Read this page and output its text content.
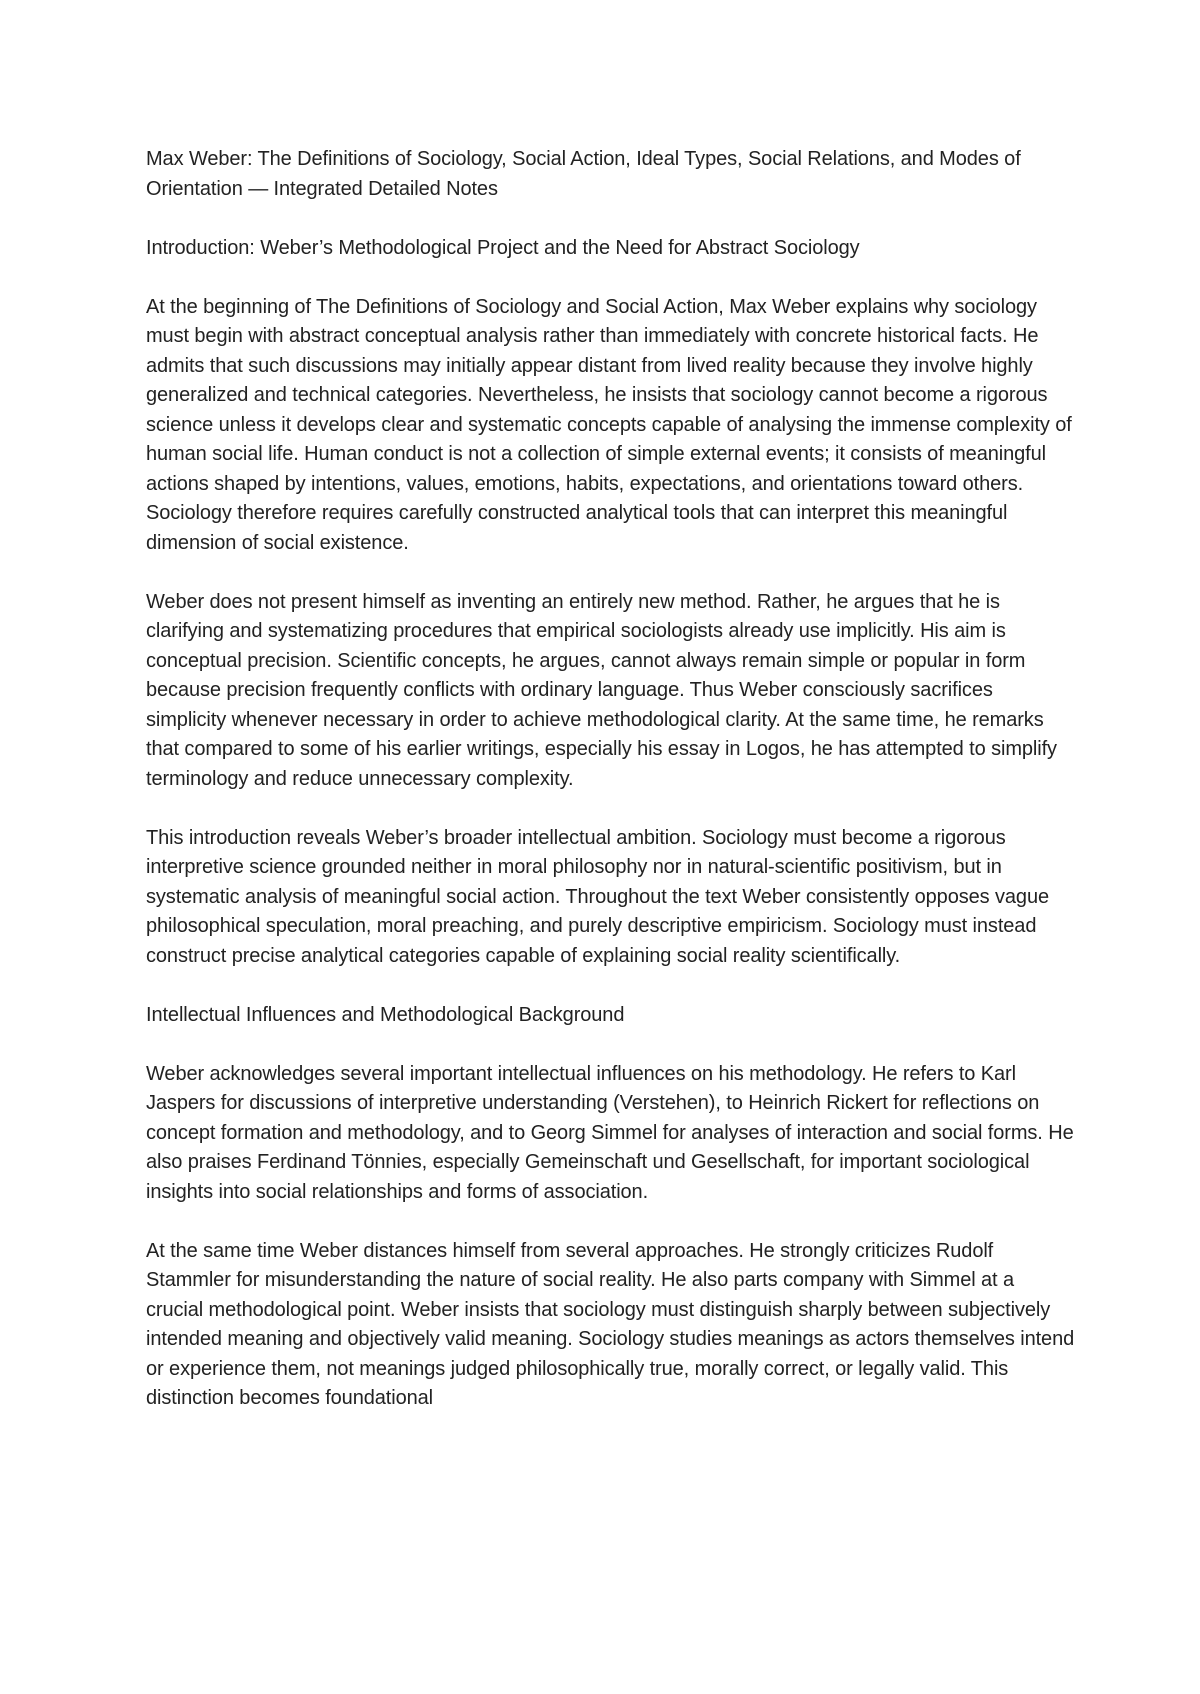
Max Weber: The Definitions of Sociology, Social Action, Ideal Types, Social Relations, and Modes of Orientation — Integrated Detailed Notes

Introduction: Weber’s Methodological Project and the Need for Abstract Sociology

At the beginning of The Definitions of Sociology and Social Action, Max Weber explains why sociology must begin with abstract conceptual analysis rather than immediately with concrete historical facts. He admits that such discussions may initially appear distant from lived reality because they involve highly generalized and technical categories. Nevertheless, he insists that sociology cannot become a rigorous science unless it develops clear and systematic concepts capable of analysing the immense complexity of human social life. Human conduct is not a collection of simple external events; it consists of meaningful actions shaped by intentions, values, emotions, habits, expectations, and orientations toward others. Sociology therefore requires carefully constructed analytical tools that can interpret this meaningful dimension of social existence.

Weber does not present himself as inventing an entirely new method. Rather, he argues that he is clarifying and systematizing procedures that empirical sociologists already use implicitly. His aim is conceptual precision. Scientific concepts, he argues, cannot always remain simple or popular in form because precision frequently conflicts with ordinary language. Thus Weber consciously sacrifices simplicity whenever necessary in order to achieve methodological clarity. At the same time, he remarks that compared to some of his earlier writings, especially his essay in Logos, he has attempted to simplify terminology and reduce unnecessary complexity.

This introduction reveals Weber’s broader intellectual ambition. Sociology must become a rigorous interpretive science grounded neither in moral philosophy nor in natural-scientific positivism, but in systematic analysis of meaningful social action. Throughout the text Weber consistently opposes vague philosophical speculation, moral preaching, and purely descriptive empiricism. Sociology must instead construct precise analytical categories capable of explaining social reality scientifically.

Intellectual Influences and Methodological Background

Weber acknowledges several important intellectual influences on his methodology. He refers to Karl Jaspers for discussions of interpretive understanding (Verstehen), to Heinrich Rickert for reflections on concept formation and methodology, and to Georg Simmel for analyses of interaction and social forms. He also praises Ferdinand Tönnies, especially Gemeinschaft und Gesellschaft, for important sociological insights into social relationships and forms of association.

At the same time Weber distances himself from several approaches. He strongly criticizes Rudolf Stammler for misunderstanding the nature of social reality. He also parts company with Simmel at a crucial methodological point. Weber insists that sociology must distinguish sharply between subjectively intended meaning and objectively valid meaning. Sociology studies meanings as actors themselves intend or experience them, not meanings judged philosophically true, morally correct, or legally valid. This distinction becomes foundational
